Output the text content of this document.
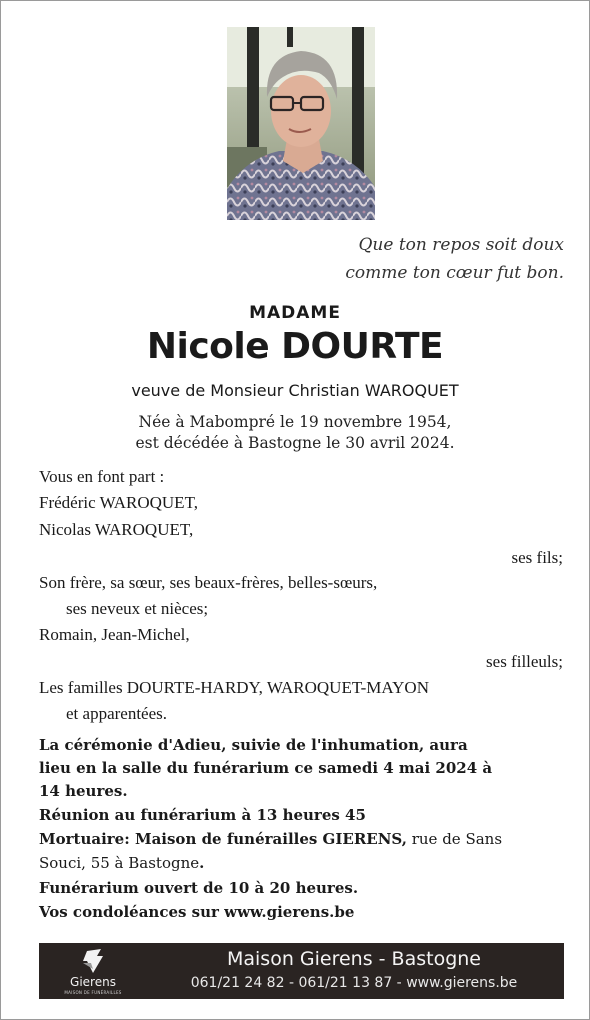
Que ton repos soit doux
comme ton cœur fut bon.
MADAME
Nicole DOURTE
veuve de Monsieur Christian WAROQUET
Née à Mabompré le 19 novembre 1954,
est décédée à Bastogne le 30 avril 2024.
Vous en font part :
Frédéric WAROQUET,
Nicolas WAROQUET,
ses fils;
Son frère, sa sœur, ses beaux-frères, belles-sœurs,
ses neveux et nièces;
Romain, Jean-Michel,
ses filleuls;
Les familles DOURTE-HARDY, WAROQUET-MAYON
et apparentées.
La cérémonie d'Adieu, suivie de l'inhumation, aura
lieu en la salle du funérarium ce samedi 4 mai 2024 à
14 heures.
Réunion au funérarium à 13 heures 45
Mortuaire: Maison de funérailles GIERENS, rue de Sans
Souci, 55 à Bastogne.
Funérarium ouvert de 10 à 20 heures.
Vos condoléances sur www.gierens.be
Gierens
MAISON DE FUNÉRAILLES
Maison Gierens - Bastogne
061/21 24 82 - 061/21 13 87 - www.gierens.be
